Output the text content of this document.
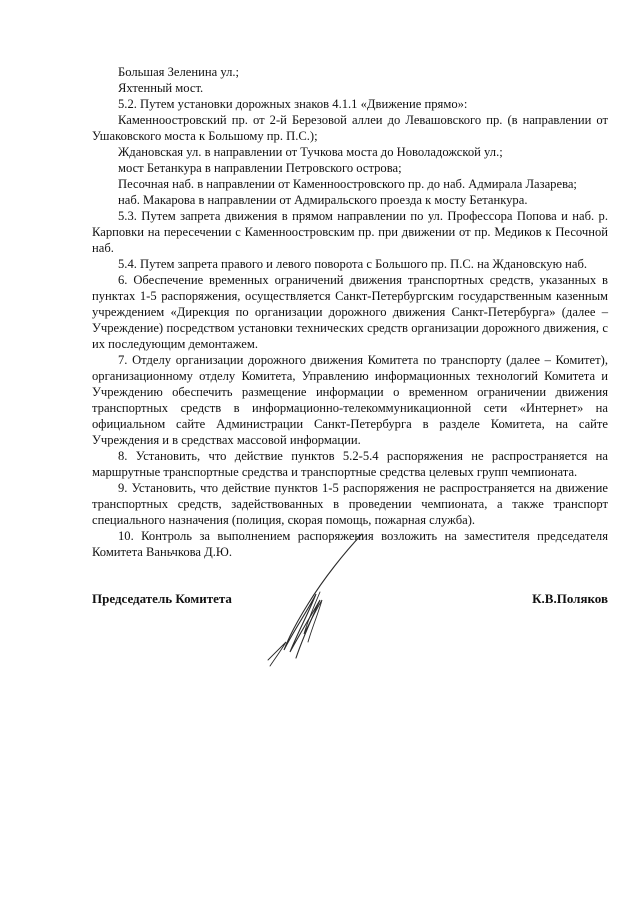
Большая Зеленина ул.;

Яхтенный мост.

5.2. Путем установки дорожных знаков 4.1.1 «Движение прямо»:

Каменноостровский пр. от 2-й Березовой аллеи до Левашовского пр. (в направлении от Ушаковского моста к Большому пр. П.С.);

Ждановская ул. в направлении от Тучкова моста до Новоладожской ул.;

мост Бетанкура в направлении Петровского острова;

Песочная наб. в направлении от Каменноостровского пр. до наб. Адмирала Лазарева;

наб. Макарова в направлении от Адмиральского проезда к мосту Бетанкура.

5.3. Путем запрета движения в прямом направлении по ул. Профессора Попова и наб. р. Карповки на пересечении с Каменноостровским пр. при движении от пр. Медиков к Песочной наб.

5.4. Путем запрета правого и левого поворота с Большого пр. П.С. на Ждановскую наб.

6. Обеспечение временных ограничений движения транспортных средств, указанных в пунктах 1-5 распоряжения, осуществляется Санкт-Петербургским государственным казенным учреждением «Дирекция по организации дорожного движения Санкт-Петербурга» (далее – Учреждение) посредством установки технических средств организации дорожного движения, с их последующим демонтажем.

7. Отделу организации дорожного движения Комитета по транспорту (далее – Комитет), организационному отделу Комитета, Управлению информационных технологий Комитета и Учреждению обеспечить размещение информации о временном ограничении движения транспортных средств в информационно-телекоммуникационной сети «Интернет» на официальном сайте Администрации Санкт-Петербурга в разделе Комитета, на сайте Учреждения и в средствах массовой информации.

8. Установить, что действие пунктов 5.2-5.4 распоряжения не распространяется на маршрутные транспортные средства и транспортные средства целевых групп чемпионата.

9. Установить, что действие пунктов 1-5 распоряжения не распространяется на движение транспортных средств, задействованных в проведении чемпионата, а также транспорт специального назначения (полиция, скорая помощь, пожарная служба).

10. Контроль за выполнением распоряжения возложить на заместителя председателя Комитета Ваньчкова Д.Ю.

Председатель Комитета	К.В.Поляков
